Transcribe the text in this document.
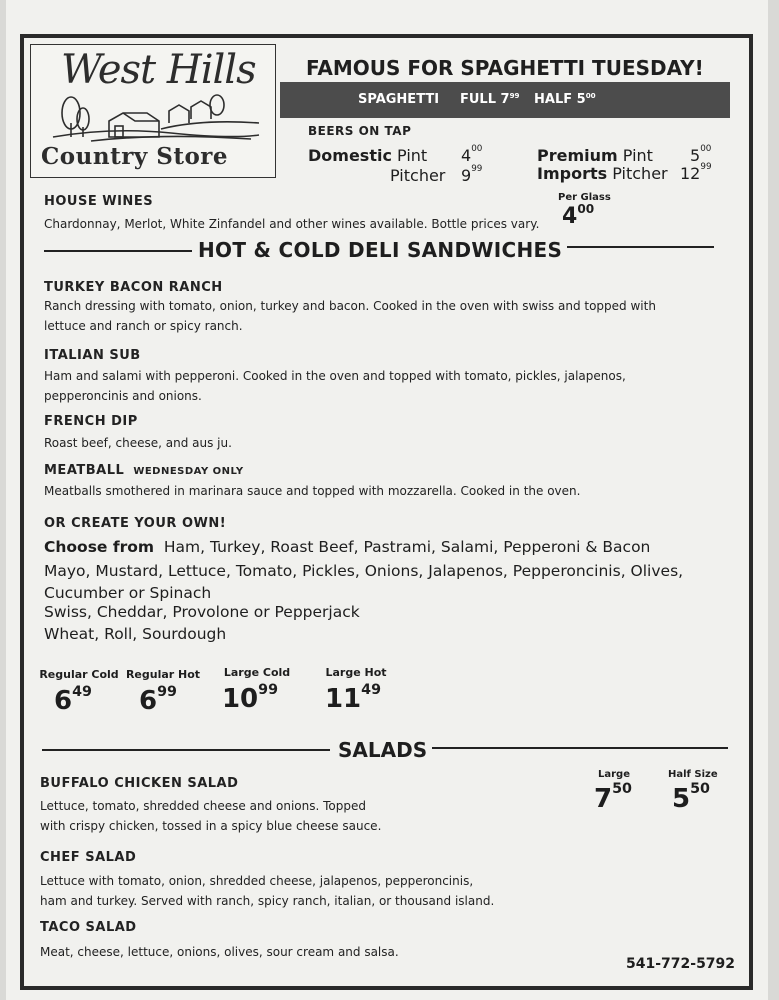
West Hills
Country Store
FAMOUS FOR SPAGHETTI TUESDAY!
SPAGHETTI FULL $7^{99}$ HALF $5^{00}$
BEERS ON TAP
Domestic Pint $4^{00}$
Pitcher $9^{99}$
Premium Pint $5^{00}$
Imports Pitcher $12^{99}$
HOUSE WINES
Chardonnay, Merlot, White Zinfandel and other wines available. Bottle prices vary.
Per Glass
$4^{00}$
HOT & COLD DELI SANDWICHES
TURKEY BACON RANCH
Ranch dressing with tomato, onion, turkey and bacon. Cooked in the oven with swiss and topped with
lettuce and ranch or spicy ranch.
ITALIAN SUB
Ham and salami with pepperoni. Cooked in the oven and topped with tomato, pickles, jalapenos,
pepperoncinis and onions.
FRENCH DIP
Roast beef, cheese, and aus ju.
MEATBALL WEDNESDAY ONLY
Meatballs smothered in marinara sauce and topped with mozzarella. Cooked in the oven.
OR CREATE YOUR OWN!
Choose from Ham, Turkey, Roast Beef, Pastrami, Salami, Pepperoni & Bacon
Mayo, Mustard, Lettuce, Tomato, Pickles, Onions, Jalapenos, Pepperoncinis, Olives,
Cucumber or Spinach
Swiss, Cheddar, Provolone or Pepperjack
Wheat, Roll, Sourdough
Regular Cold
$6^{49}$
Regular Hot
$6^{99}$
Large Cold
$10^{99}$
Large Hot
$11^{49}$
SALADS
Large	Half Size
$7^{50}$ $5^{50}$
BUFFALO CHICKEN SALAD
Lettuce, tomato, shredded cheese and onions. Topped
with crispy chicken, tossed in a spicy blue cheese sauce.
CHEF SALAD
Lettuce with tomato, onion, shredded cheese, jalapenos, pepperoncinis,
ham and turkey. Served with ranch, spicy ranch, italian, or thousand island.
TACO SALAD
Meat, cheese, lettuce, onions, olives, sour cream and salsa.
541-772-5792
